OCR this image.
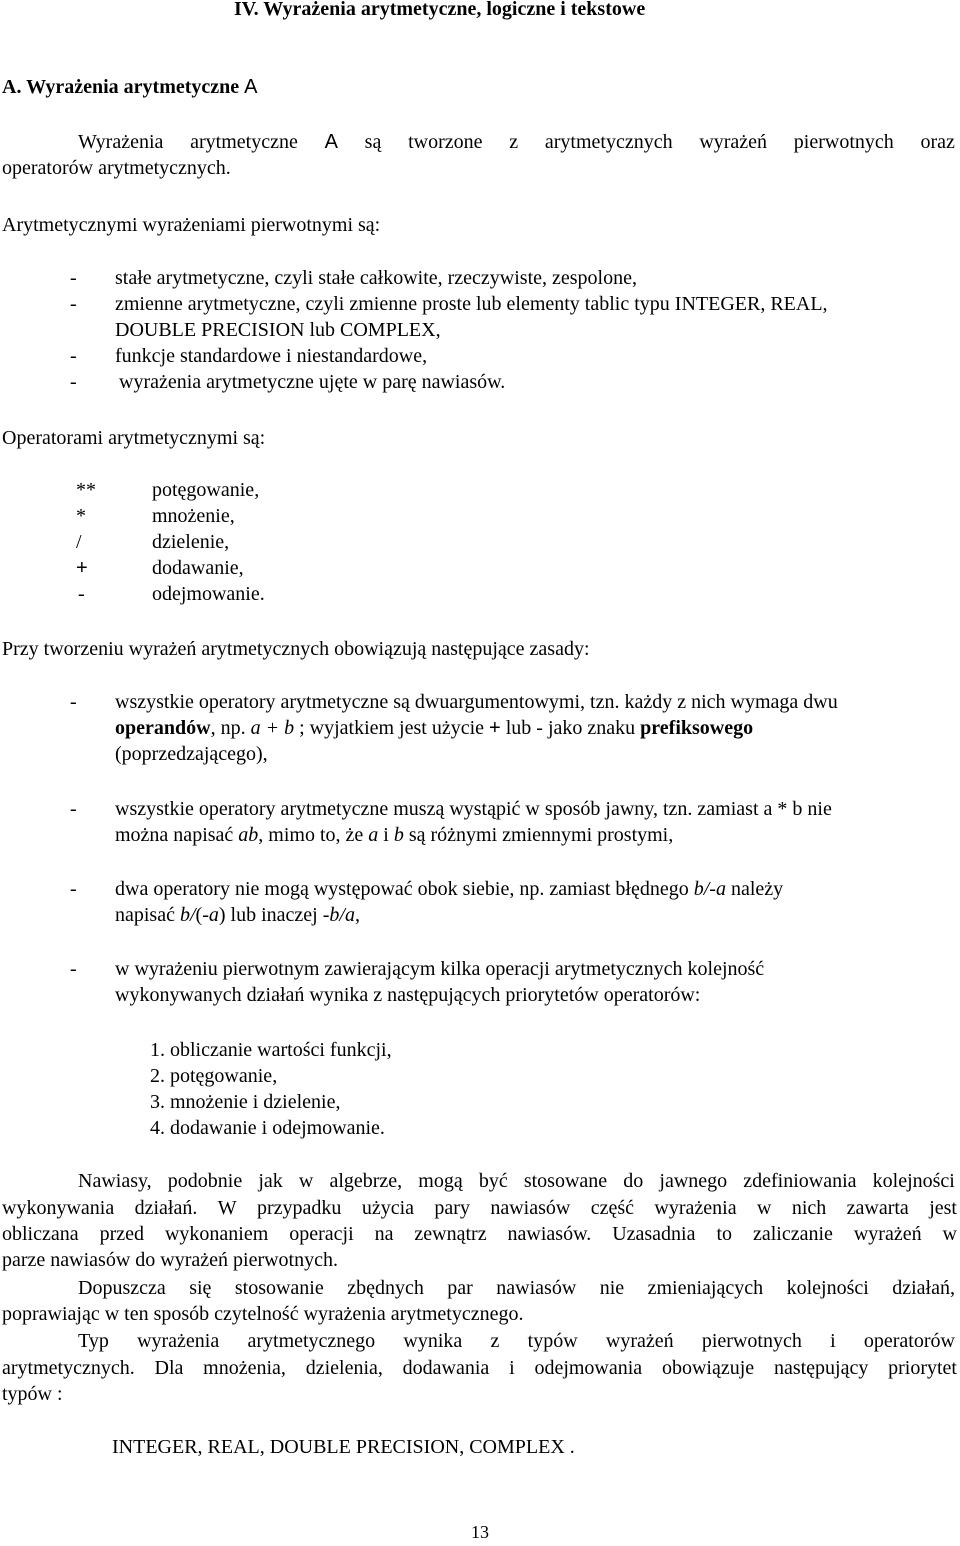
IV. Wyrażenia arytmetyczne, logiczne i tekstowe
A. Wyrażenia arytmetyczne A
Wyrażenia arytmetyczne A są tworzone z arytmetycznych wyrażeń pierwotnych oraz
operatorów arytmetycznych.
Arytmetycznymi wyrażeniami pierwotnymi są:
- stałe arytmetyczne, czyli stałe całkowite, rzeczywiste, zespolone,
- zmienne arytmetyczne, czyli zmienne proste lub elementy tablic typu INTEGER, REAL,
DOUBLE PRECISION lub COMPLEX,
- funkcje standardowe i niestandardowe,
- wyrażenia arytmetyczne ujęte w parę nawiasów.
Operatorami arytmetycznymi są:
**	potęgowanie,
*	mnożenie,
/	dzielenie,
+	dodawanie,
-	odejmowanie.
Przy tworzeniu wyrażeń arytmetycznych obowiązują następujące zasady:
- wszystkie operatory arytmetyczne są dwuargumentowymi, tzn. każdy z nich wymaga dwu
operandów, np. a + b ; wyjatkiem jest użycie + lub - jako znaku prefiksowego
(poprzedzającego),
- wszystkie operatory arytmetyczne muszą wystąpić w sposób jawny, tzn. zamiast a * b nie
można napisać ab, mimo to, że a i b są różnymi zmiennymi prostymi,
- dwa operatory nie mogą występować obok siebie, np. zamiast błędnego b/-a należy
napisać b/(-a) lub inaczej -b/a,
- w wyrażeniu pierwotnym zawierającym kilka operacji arytmetycznych kolejność
wykonywanych działań wynika z następujących priorytetów operatorów:
1. obliczanie wartości funkcji,
2. potęgowanie,
3. mnożenie i dzielenie,
4. dodawanie i odejmowanie.
Nawiasy, podobnie jak w algebrze, mogą być stosowane do jawnego zdefiniowania kolejności
wykonywania działań. W przypadku użycia pary nawiasów część wyrażenia w nich zawarta jest
obliczana przed wykonaniem operacji na zewnątrz nawiasów. Uzasadnia to zaliczanie wyrażeń w
parze nawiasów do wyrażeń pierwotnych.
Dopuszcza się stosowanie zbędnych par nawiasów nie zmieniających kolejności działań,
poprawiając w ten sposób czytelność wyrażenia arytmetycznego.
Typ wyrażenia arytmetycznego wynika z typów wyrażeń pierwotnych i operatorów
arytmetycznych. Dla mnożenia, dzielenia, dodawania i odejmowania obowiązuje następujący priorytet
typów :
INTEGER, REAL, DOUBLE PRECISION, COMPLEX .
13
